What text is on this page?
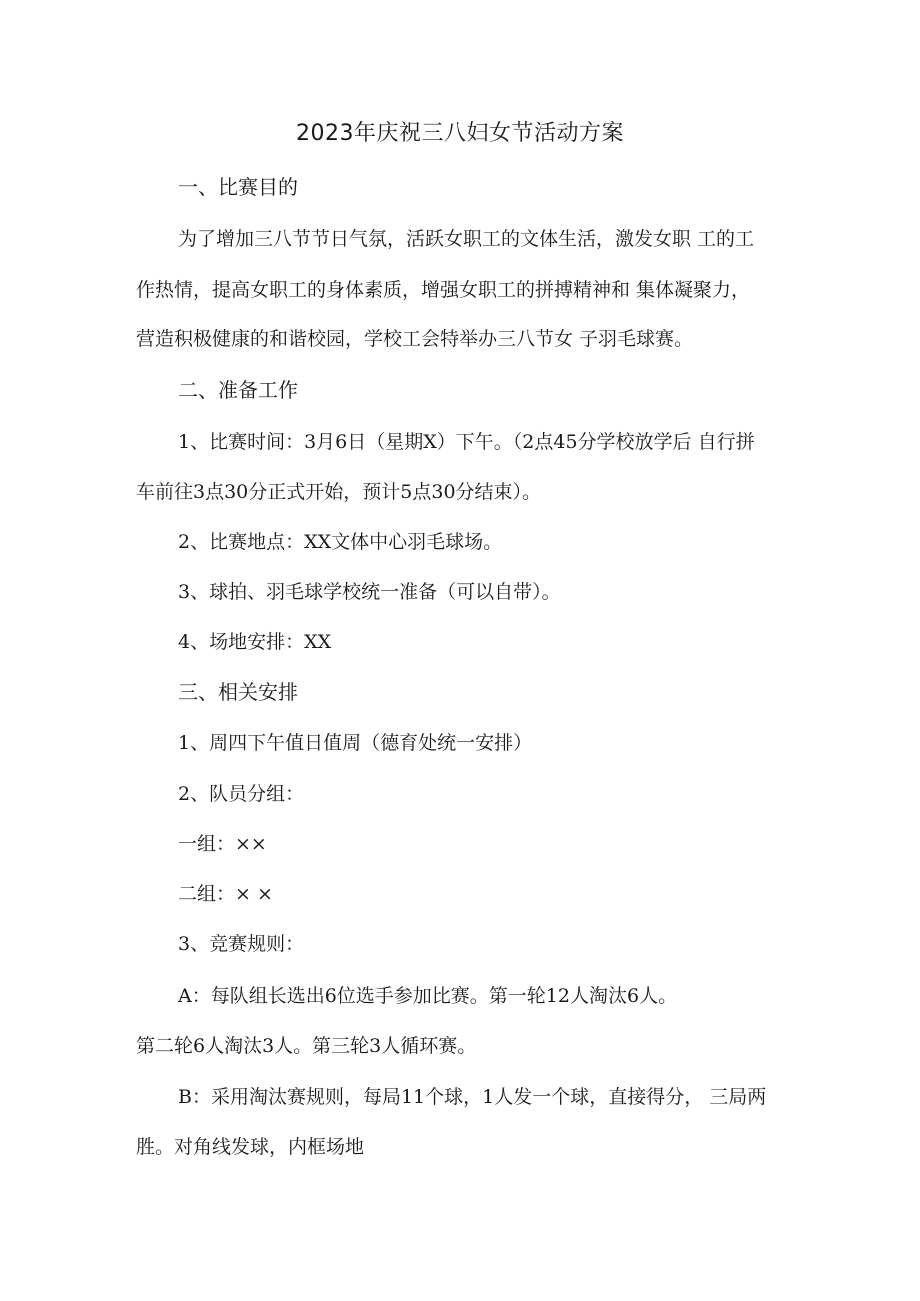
2023年庆祝三八妇女节活动方案
一、比赛目的
为了增加三八节节日气氛，活跃女职工的文体生活，激发女职 工的工
作热情，提高女职工的身体素质，增强女职工的拼搏精神和 集体凝聚力，
营造积极健康的和谐校园，学校工会特举办三八节女 子羽毛球赛。
二、准备工作
1、比赛时间：3月6日（星期X）下午。（2点45分学校放学后 自行拼
车前往3点30分正式开始，预计5点30分结束）。
2、比赛地点：XX文体中心羽毛球场。
3、球拍、羽毛球学校统一准备（可以自带）。
4、场地安排：XX
三、相关安排
1、周四下午值日值周（德育处统一安排）
2、队员分组：
一组：××
二组：× ×
3、竞赛规则：
A：每队组长选出6位选手参加比赛。第一轮12人淘汰6人。
第二轮6人淘汰3人。第三轮3人循环赛。
B：采用淘汰赛规则，每局11个球，1人发一个球，直接得分， 三局两
胜。对角线发球，内框场地
